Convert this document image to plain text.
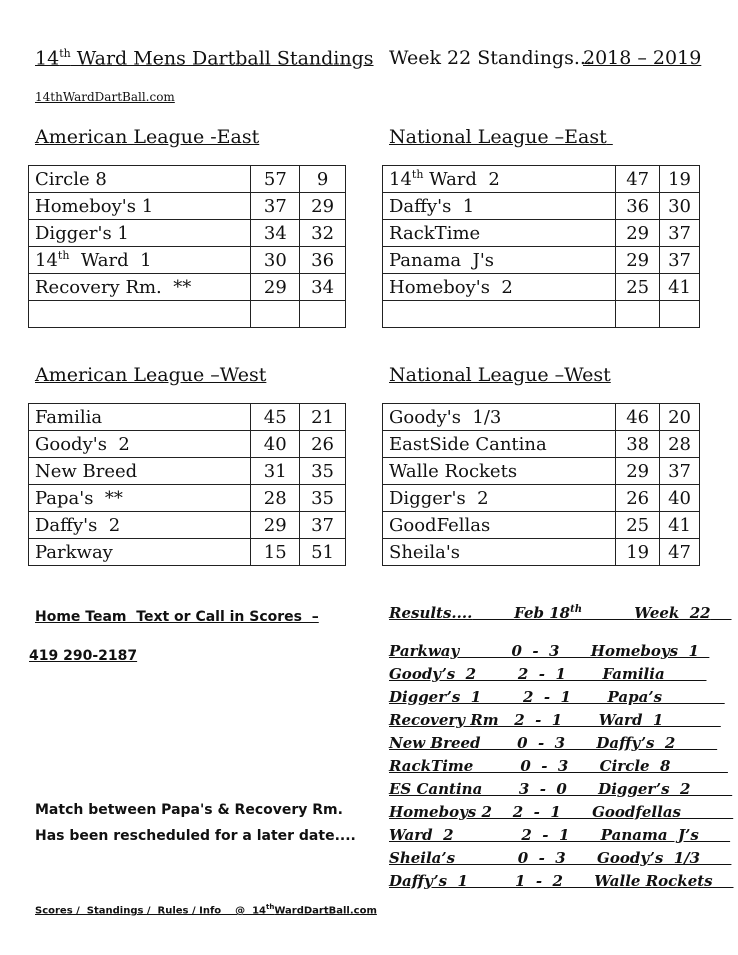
14th Ward Mens Dartball Standings Week 22 Standings...
2018 – 2019
14thWardDartBall.com
American League -East	National League –East
American League –West	National League –West
Circle 8	57	9
Homeboy's 1	37	29
Digger's 1	34	32
14th  Ward  1	30	36
Recovery Rm.  **	29	34

14th Ward  2	47	19
Daffy's  1	36	30
RackTime	29	37
Panama  J's	29	37
Homeboy's  2	25	41

Familia	45	21
Goody's  2	40	26
New Breed	31	35
Papa's  **	28	35
Daffy's  2	29	37
Parkway	15	51
Goody's  1/3	46	20
EastSide Cantina	38	28
Walle Rockets	29	37
Digger's  2	26	40
GoodFellas	25	41
Sheila's	19	47
Home Team  Text or Call in Scores  –
419 290-2187
Match between Papa's & Recovery Rm.
Has been rescheduled for a later date....
Results....	Feb 18th	Week  22
Parkway          0  -  3      Homeboys  1
Goody’s  2        2  -  1       Familia
Digger’s  1        2  -  1       Papa’s
Recovery Rm   2  -  1       Ward  1
New Breed       0  -  3      Daffy’s  2
RackTime         0  -  3      Circle  8
ES Cantina       3  -  0      Digger’s  2
Homeboys 2    2  -  1      Goodfellas
Ward  2             2  -  1      Panama  J’s
Sheila’s            0  -  3      Goody’s  1/3
Daffy’s  1         1  -  2      Walle Rockets
Scores /  Standings /  Rules / Info    @  14thWardDartBall.com
